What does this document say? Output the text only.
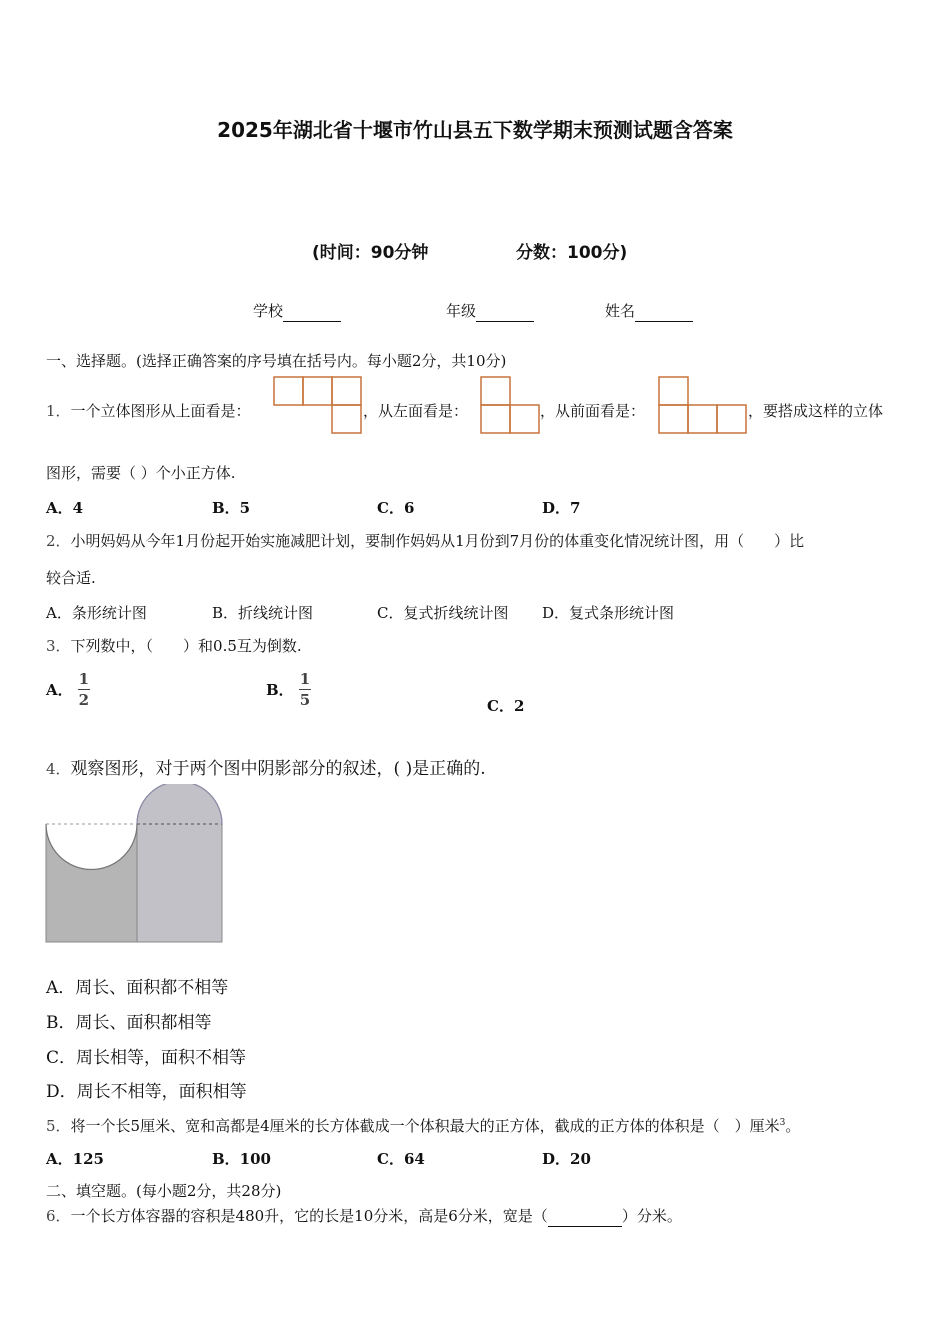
2025年湖北省十堰市竹山县五下数学期末预测试题含答案
(时间：90分钟	分数：100分)
学校	年级	姓名
一、选择题。(选择正确答案的序号填在括号内。每小题2分，共10分)
1．一个立体图形从上面看是：	，从左面看是：	，从前面看是：	，要搭成这样的立体
图形，需要（ ）个小正方体.
A．4	B．5	C．6	D．7
2．小明妈妈从今年1月份起开始实施减肥计划，要制作妈妈从1月份到7月份的体重变化情况统计图，用（　　）比
较合适.
A．条形统计图	B．折线统计图	C．复式折线统计图 D．复式条形统计图
3．下列数中，（　　）和0.5互为倒数.
A． $\frac{1}{2}$	B． $\frac{1}{5}$	C．2
4．观察图形，对于两个图中阴影部分的叙述，( )是正确的.
A．周长、面积都不相等
B．周长、面积都相等
C．周长相等，面积不相等
D．周长不相等，面积相等
5．将一个长5厘米、宽和高都是4厘米的长方体截成一个体积最大的正方体，截成的正方体的体积是（　）厘米$^3$。
A．125	B．100	C．64	D．20
二、填空题。(每小题2分，共28分)
6．一个长方体容器的容积是480升，它的长是10分米，高是6分米，宽是（	）分米。
